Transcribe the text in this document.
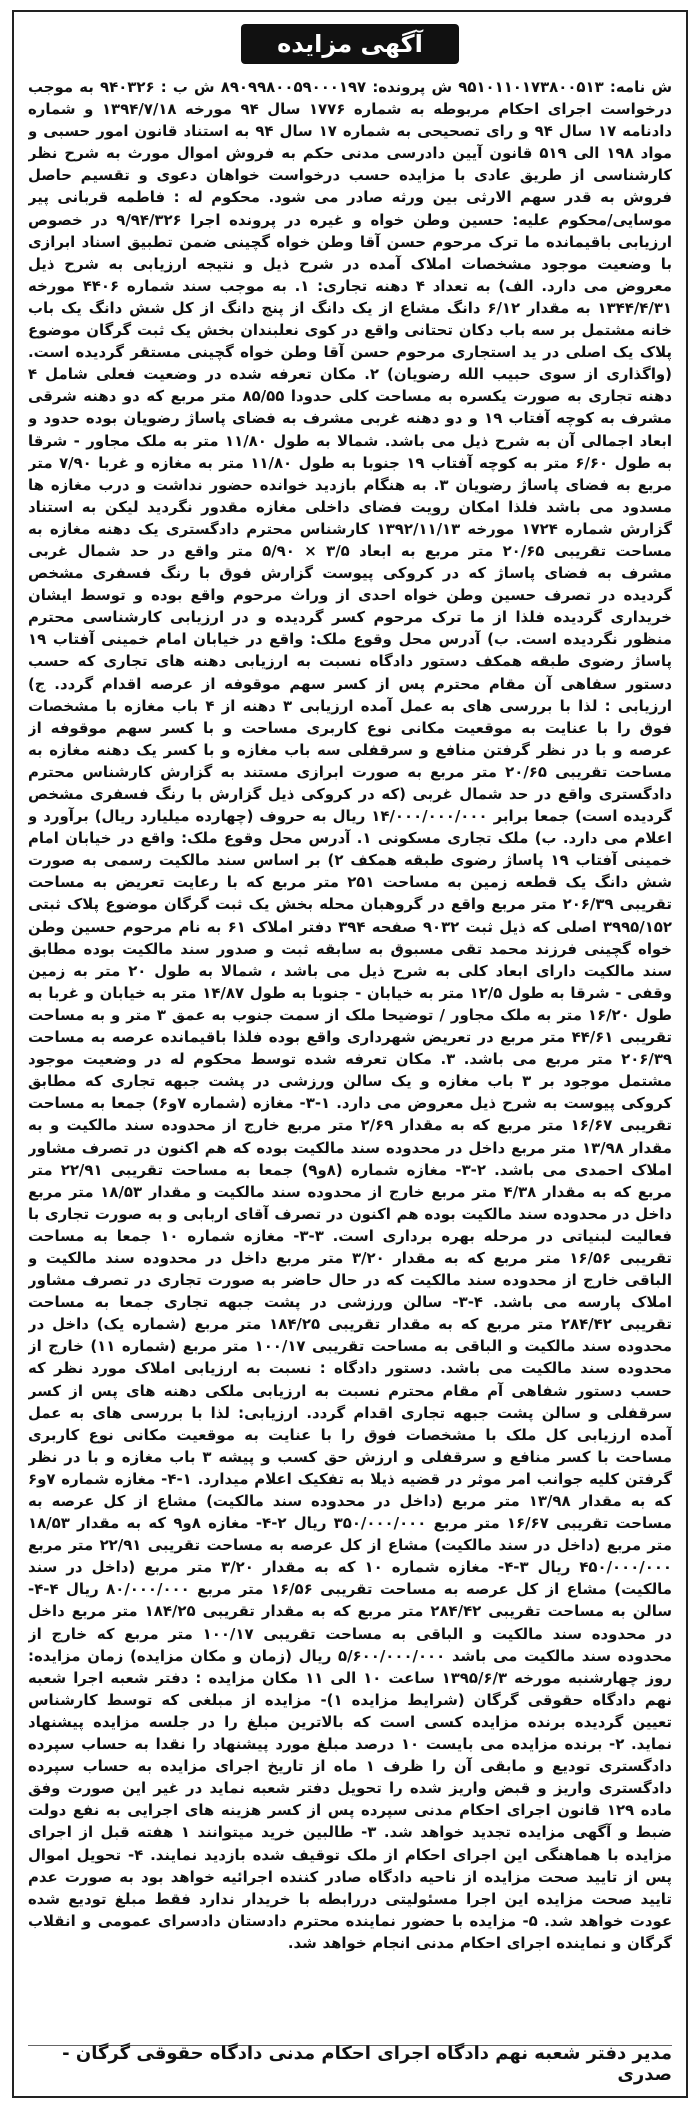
آگهی مزایده

ش نامه: ۹۵۱۰۱۱۰۱۷۳۸۰۰۵۱۳ ش پرونده: ۸۹۰۹۹۸۰۰۵۹۰۰۰۱۹۷ ش ب : ۹۴۰۳۲۶ به موجب درخواست اجرای احکام مربوطه به شماره ۱۷۷۶ سال ۹۴ مورخه ۱۳۹۴/۷/۱۸ و شماره دادنامه ۱۷ سال ۹۴ و رای تصحیحی به شماره ۱۷ سال ۹۴ به استناد قانون امور حسبی و مواد ۱۹۸ الی ۵۱۹ قانون آیین دادرسی مدنی حکم به فروش اموال مورث به شرح نظر کارشناسی از طریق عادی با مزایده حسب درخواست خواهان دعوی و تقسیم حاصل فروش به قدر سهم الارثی بین ورثه صادر می شود. محکوم له : فاطمه قربانی پیر موسایی/محکوم علیه: حسین وطن خواه و غیره در پرونده اجرا ۹/۹۴/۳۲۶ در خصوص ارزیابی باقیمانده ما ترک مرحوم حسن آقا وطن خواه گچینی ضمن تطبیق اسناد ابرازی با وضعیت موجود مشخصات املاک آمده در شرح ذیل و نتیجه ارزیابی به شرح ذیل معروض می دارد. الف) به تعداد ۴ دهنه تجاری: ۱. به موجب سند شماره ۴۴۰۶ مورخه ۱۳۴۴/۴/۳۱ به مقدار ۶/۱۲ دانگ مشاع از یک دانگ از پنج دانگ از کل شش دانگ یک باب خانه مشتمل بر سه باب دکان تحتانی واقع در کوی نعلبندان بخش یک ثبت گرگان موضوع پلاک یک اصلی در ید استجاری مرحوم حسن آقا وطن خواه گچینی مستقر گردیده است. (واگذاری از سوی حبیب الله رضویان) ۲. مکان تعرفه شده در وضعیت فعلی شامل ۴ دهنه تجاری به صورت یکسره به مساحت کلی حدودا ۸۵/۵۵ متر مربع که دو دهنه شرقی مشرف به کوچه آفتاب ۱۹ و دو دهنه غربی مشرف به فضای پاساژ رضویان بوده حدود و ابعاد اجمالی آن به شرح ذیل می باشد. شمالا به طول ۱۱/۸۰ متر به ملک مجاور - شرقا به طول ۶/۶۰ متر به کوچه آفتاب ۱۹ جنوبا به طول ۱۱/۸۰ متر به مغازه و غربا ۷/۹۰ متر مربع به فضای پاساژ رضویان ۳. به هنگام بازدید خوانده حضور نداشت و درب مغازه ها مسدود می باشد فلذا امکان رویت فضای داخلی مغازه مقدور نگردید لیکن به استناد گزارش شماره ۱۷۲۴ مورخه ۱۳۹۲/۱۱/۱۳ کارشناس محترم دادگستری یک دهنه مغازه به مساحت تقریبی ۲۰/۶۵ متر مربع به ابعاد ۳/۵ × ۵/۹۰ متر واقع در حد شمال غربی مشرف به فضای پاساژ که در کروکی پیوست گزارش فوق با رنگ فسفری مشخص گردیده در تصرف حسین وطن خواه احدی از وراث مرحوم واقع بوده و توسط ایشان خریداری گردیده فلذا از ما ترک مرحوم کسر گردیده و در ارزیابی کارشناسی محترم منظور نگردیده است. ب) آدرس محل وقوع ملک: واقع در خیابان امام خمینی آفتاب ۱۹ پاساژ رضوی طبقه همکف دستور دادگاه نسبت به ارزیابی دهنه های تجاری که حسب دستور سفاهی آن مقام محترم پس از کسر سهم موقوفه از عرصه اقدام گردد. ج) ارزیابی : لذا با بررسی های به عمل آمده ارزیابی ۳ دهنه از ۴ باب مغازه با مشخصات فوق را با عنایت به موقعیت مکانی نوع کاربری مساحت و با کسر سهم موقوفه از عرصه و با در نظر گرفتن منافع و سرقفلی سه باب مغازه و با کسر یک دهنه مغازه به مساحت تقریبی ۲۰/۶۵ متر مربع به صورت ابرازی مستند به گزارش کارشناس محترم دادگستری واقع در حد شمال غربی (که در کروکی ذیل گزارش با رنگ فسفری مشخص گردیده است) جمعا برابر ۱۴/۰۰۰/۰۰۰/۰۰۰ ریال به حروف (چهارده میلیارد ریال) برآورد و اعلام می دارد. ب) ملک تجاری مسکونی ۱. آدرس محل وقوع ملک: واقع در خیابان امام خمینی آفتاب ۱۹ پاساژ رضوی طبقه همکف ۲) بر اساس سند مالکیت رسمی به صورت شش دانگ یک قطعه زمین به مساحت ۲۵۱ متر مربع که با رعایت تعریض به مساحت تقریبی ۲۰۶/۳۹ متر مربع واقع در گروهبان محله بخش یک ثبت گرگان موضوع پلاک ثبتی ۳۹۹۵/۱۵۲ اصلی که ذیل ثبت ۹۰۳۲ صفحه ۳۹۴ دفتر املاک ۶۱ به نام مرحوم حسین وطن خواه گچینی فرزند محمد تقی مسبوق به سابقه ثبت و صدور سند مالکیت بوده مطابق سند مالکیت دارای ابعاد کلی به شرح ذیل می باشد ، شمالا به طول ۲۰ متر به زمین وقفی - شرقا به طول ۱۲/۵ متر به خیابان - جنوبا به طول ۱۴/۸۷ متر به خیابان و غربا به طول ۱۶/۲۰ متر به ملک مجاور / توضیحا ملک از سمت جنوب به عمق ۳ متر و به مساحت تقریبی ۴۴/۶۱ متر مربع در تعریض شهرداری واقع بوده فلذا باقیمانده عرصه به مساحت ۲۰۶/۳۹ متر مربع می باشد. ۳. مکان تعرفه شده توسط محکوم له در وضعیت موجود مشتمل موجود بر ۳ باب مغازه و یک سالن ورزشی در پشت جبهه تجاری که مطابق کروکی پیوست به شرح ذیل معروض می دارد. ۱-۳- مغازه (شماره ۷و۶) جمعا به مساحت تقریبی ۱۶/۶۷ متر مربع که به مقدار ۲/۶۹ متر مربع خارج از محدوده سند مالکیت و به مقدار ۱۳/۹۸ متر مربع داخل در محدوده سند مالکیت بوده که هم اکنون در تصرف مشاور املاک احمدی می باشد. ۲-۳- مغازه شماره (۸و۹) جمعا به مساحت تقریبی ۲۲/۹۱ متر مربع که به مقدار ۴/۳۸ متر مربع خارج از محدوده سند مالکیت و مقدار ۱۸/۵۳ متر مربع داخل در محدوده سند مالکیت بوده هم اکنون در تصرف آقای اربابی و به صورت تجاری با فعالیت لبنیاتی در مرحله بهره برداری است. ۳-۳- مغازه شماره ۱۰ جمعا به مساحت تقریبی ۱۶/۵۶ متر مربع که به مقدار ۳/۲۰ متر مربع داخل در محدوده سند مالکیت و الباقی خارج از محدوده سند مالکیت که در حال حاضر به صورت تجاری در تصرف مشاور املاک پارسه می باشد. ۴-۳- سالن ورزشی در پشت جبهه تجاری جمعا به مساحت تقریبی ۲۸۴/۴۲ متر مربع که به مقدار تقریبی ۱۸۴/۲۵ متر مربع (شماره یک) داخل در محدوده سند مالکیت و الباقی به مساحت تقریبی ۱۰۰/۱۷ متر مربع (شماره ۱۱) خارج از محدوده سند مالکیت می باشد. دستور دادگاه : نسبت به ارزیابی املاک مورد نظر که حسب دستور شفاهی آم مقام محترم نسبت به ارزیابی ملکی دهنه های پس از کسر سرقفلی و سالن پشت جبهه تجاری اقدام گردد. ارزیابی: لذا با بررسی های به عمل آمده ارزیابی کل ملک با مشخصات فوق را با عنایت به موقعیت مکانی نوع کاربری مساحت با کسر منافع و سرقفلی و ارزش حق کسب و پیشه ۳ باب مغازه و با در نظر گرفتن کلیه جوانب امر موثر در قضیه ذیلا به تفکیک اعلام میدارد. ۱-۴- مغازه شماره ۷و۶ که به مقدار ۱۳/۹۸ متر مربع (داخل در محدوده سند مالکیت) مشاع از کل عرصه به مساحت تقریبی ۱۶/۶۷ متر مربع ۳۵۰/۰۰۰/۰۰۰ ریال ۲-۴- مغازه ۸و۹ که به مقدار ۱۸/۵۳ متر مربع (داخل در سند مالکیت) مشاع از کل عرصه به مساحت تقریبی ۲۲/۹۱ متر مربع ۴۵۰/۰۰۰/۰۰۰ ریال ۳-۴- مغازه شماره ۱۰ که به مقدار ۳/۲۰ متر مربع (داخل در سند مالکیت) مشاع از کل عرصه به مساحت تقریبی ۱۶/۵۶ متر مربع ۸۰/۰۰۰/۰۰۰ ریال ۴-۴- سالن به مساحت تقریبی ۲۸۴/۴۲ متر مربع که به مقدار تقریبی ۱۸۴/۲۵ متر مربع داخل در محدوده سند مالکیت و الباقی به مساحت تقریبی ۱۰۰/۱۷ متر مربع که خارج از محدوده سند مالکیت می باشد ۵/۶۰۰/۰۰۰/۰۰۰ ریال (زمان و مکان مزایده) زمان مزایده: روز چهارشنبه مورخه ۱۳۹۵/۶/۳ ساعت ۱۰ الی ۱۱ مکان مزایده : دفتر شعبه اجرا شعبه نهم دادگاه حقوقی گرگان (شرایط مزایده ۱)- مزایده از مبلغی که توسط کارشناس تعیین گردیده برنده مزایده کسی است که بالاترین مبلغ را در جلسه مزایده پیشنهاد نماید. ۲- برنده مزایده می بایست ۱۰ درصد مبلغ مورد پیشنهاد را نقدا به حساب سپرده دادگستری تودیع و مابقی آن را ظرف ۱ ماه از تاریخ اجرای مزایده به حساب سپرده دادگستری واریز و قبض واریز شده را تحویل دفتر شعبه نماید در غیر این صورت وفق ماده ۱۲۹ قانون اجرای احکام مدنی سپرده پس از کسر هزینه های اجرایی به نفع دولت ضبط و آگهی مزایده تجدید خواهد شد. ۳- طالبین خرید میتوانند ۱ هفته قبل از اجرای مزایده با هماهنگی این اجرای احکام از ملک توقیف شده بازدید نمایند. ۴- تحویل اموال پس از تایید صحت مزایده از ناحیه دادگاه صادر کننده اجرائیه خواهد بود به صورت عدم تایید صحت مزایده این اجرا مسئولیتی دررابطه با خریدار ندارد فقط مبلغ تودیع شده عودت خواهد شد. ۵- مزایده با حضور نماینده محترم دادستان دادسرای عمومی و انقلاب گرگان و نماینده اجرای احکام مدنی انجام خواهد شد.

مدیر دفتر شعبه نهم دادگاه اجرای احکام مدنی دادگاه حقوقی گرگان - صدری
